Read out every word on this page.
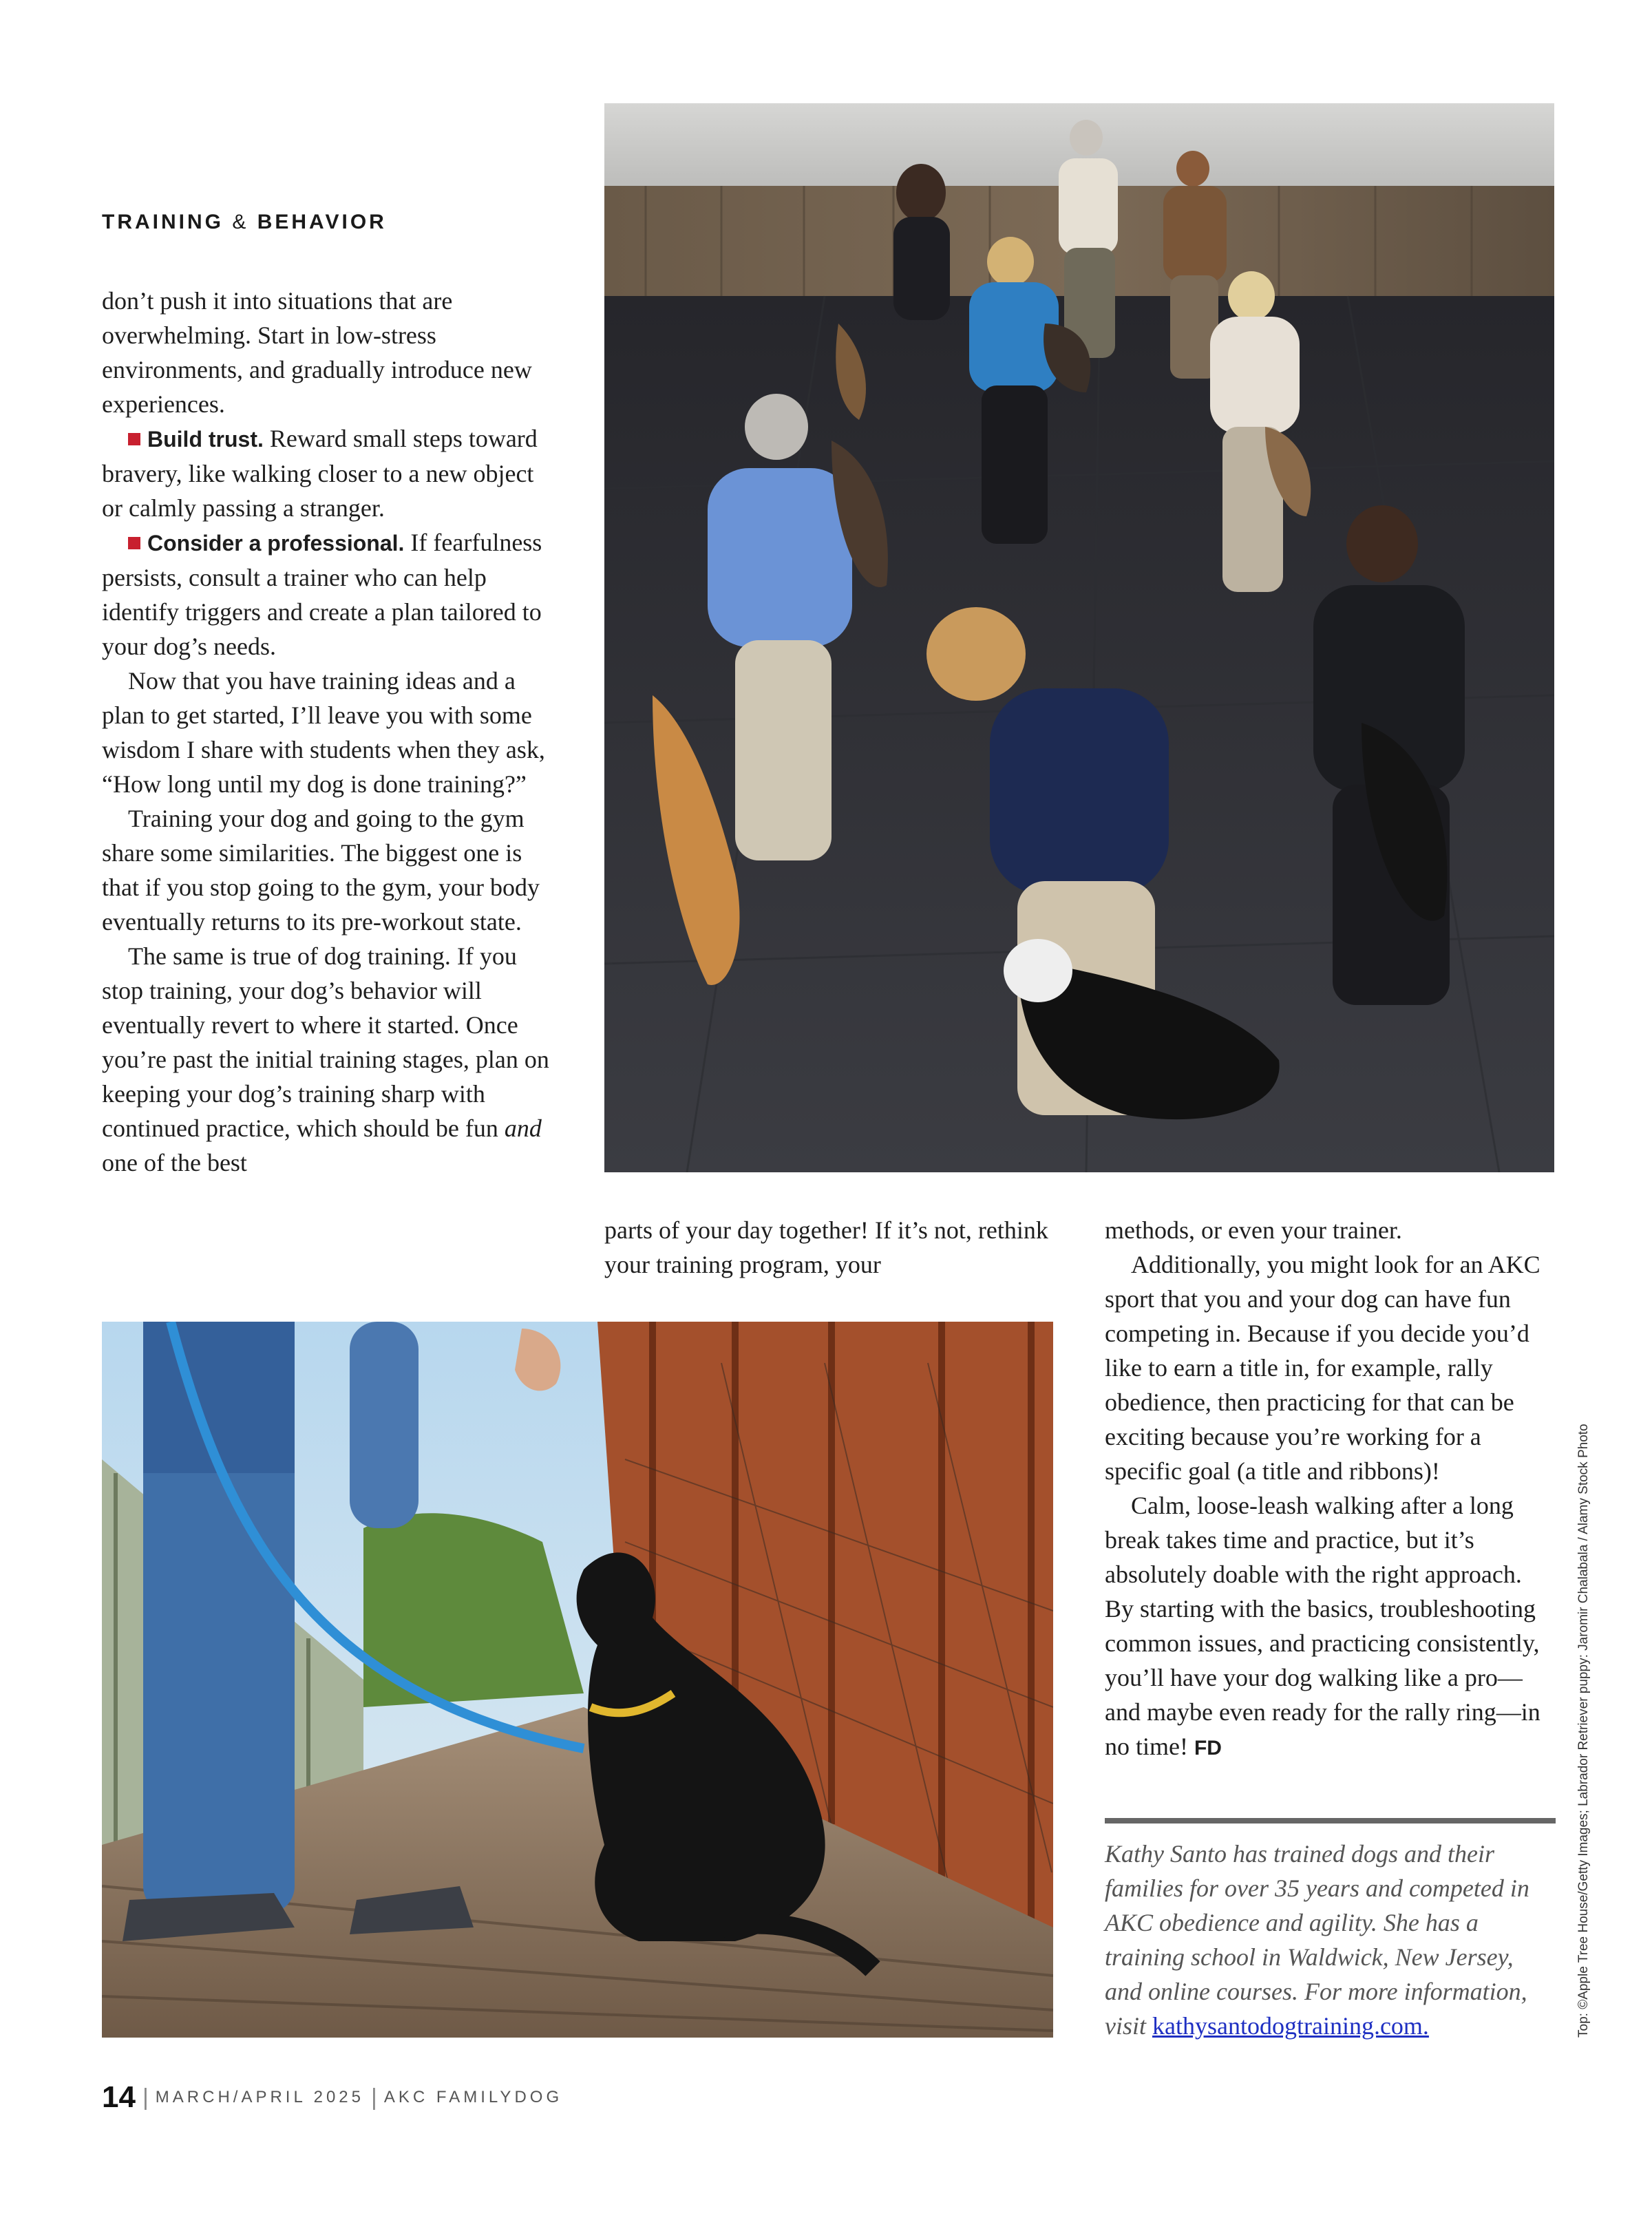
TRAINING & BEHAVIOR

don’t push it into situations that are overwhelming. Start in low-stress environments, and gradually introduce new experiences.

Build trust. Reward small steps toward bravery, like walking closer to a new object or calmly passing a stranger.

Consider a professional. If fearfulness persists, consult a trainer who can help identify triggers and create a plan tailored to your dog’s needs.

Now that you have training ideas and a plan to get started, I’ll leave you with some wisdom I share with students when they ask, “How long until my dog is done training?”

Training your dog and going to the gym share some similarities. The biggest one is that if you stop going to the gym, your body eventually returns to its pre-workout state.

The same is true of dog training. If you stop training, your dog’s behavior will eventually revert to where it started. Once you’re past the initial training stages, plan on keeping your dog’s training sharp with continued practice, which should be fun and one of the best

parts of your day together! If it’s not, rethink your training program, your

methods, or even your trainer.

Additionally, you might look for an AKC sport that you and your dog can have fun competing in. Because if you decide you’d like to earn a title in, for example, rally obedience, then practicing for that can be exciting because you’re working for a specific goal (a title and ribbons)!

Calm, loose-leash walking after a long break takes time and practice, but it’s absolutely doable with the right approach. By starting with the basics, troubleshooting common issues, and practicing consistently, you’ll have your dog walking like a pro—and maybe even ready for the rally ring—in no time! FD

Kathy Santo has trained dogs and their families for over 35 years and competed in AKC obedience and agility. She has a training school in Waldwick, New Jersey, and online courses. For more information, visit kathysantodogtraining.com.	Top: ©Apple Tree House/Getty Images; Labrador Retriever puppy: Jaromir Chalabala / Alamy Stock Photo
14 | MARCH/APRIL 2025 | AKC FAMILYDOG
